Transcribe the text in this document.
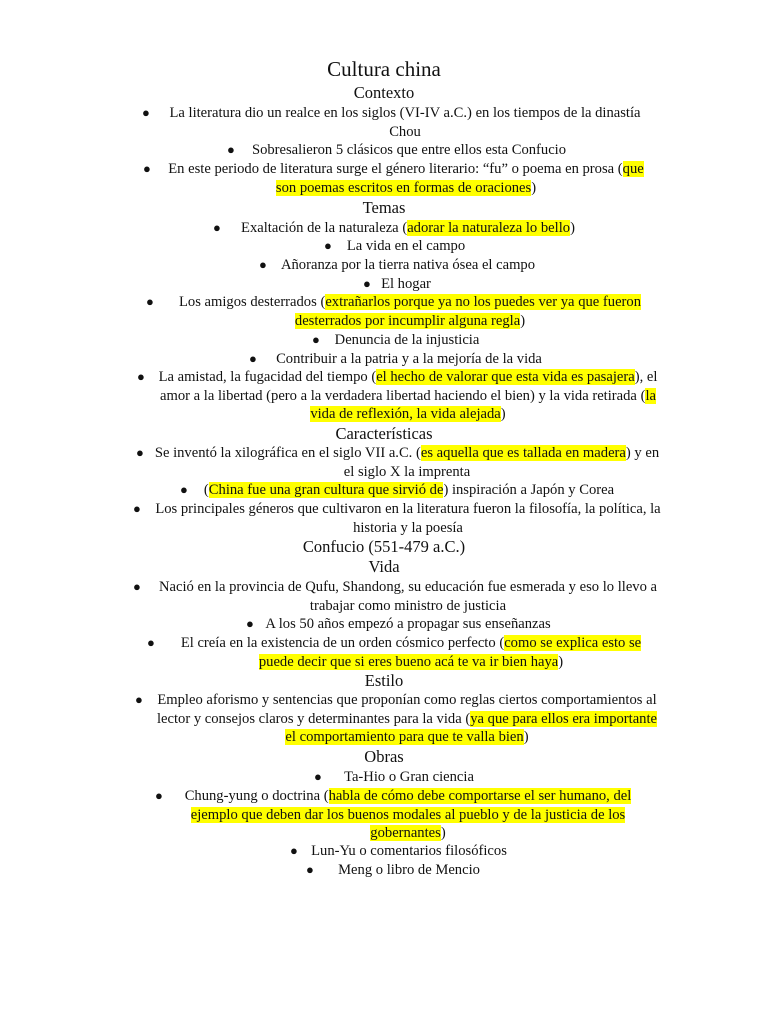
Cultura china
Contexto
●	La literatura dio un realce en los siglos (VI-IV a.C.) en los tiempos de la dinastía Chou
●	Sobresalieron 5 clásicos que entre ellos esta Confucio
●	En este periodo de literatura surge el género literario: “fu” o poema en prosa (que son poemas escritos en formas de oraciones)
Temas
●	Exaltación de la naturaleza (adorar la naturaleza lo bello)
●	La vida en el campo
● Añoranza por la tierra nativa ósea el campo
● El hogar
●	Los amigos desterrados (extrañarlos porque ya no los puedes ver ya que fueron desterrados por incumplir alguna regla)
●	Denuncia de la injusticia
●	Contribuir a la patria y a la mejoría de la vida
● La amistad, la fugacidad del tiempo (el hecho de valorar que esta vida es pasajera), el amor a la libertad (pero a la verdadera libertad haciendo el bien) y la vida retirada (la vida de reflexión, la vida alejada)
Características
● Se inventó la xilográfica en el siglo VII a.C. (es aquella que es tallada en madera) y en el siglo X la imprenta
●	(China fue una gran cultura que sirvió de) inspiración a Japón y Corea
● Los principales géneros que cultivaron en la literatura fueron la filosofía, la política, la historia y la poesía
Confucio (551-479 a.C.)
Vida
●	Nació en la provincia de Qufu, Shandong, su educación fue esmerada y eso lo llevo a trabajar como ministro de justicia
● A los 50 años empezó a propagar sus enseñanzas
●	El creía en la existencia de un orden cósmico perfecto (como se explica esto se puede decir que si eres bueno acá te va ir bien haya)
Estilo
● Empleo aforismo y sentencias que proponían como reglas ciertos comportamientos al lector y consejos claros y determinantes para la vida (ya que para ellos era importante el comportamiento para que te valla bien)
Obras
●	Ta-Hio o Gran ciencia
●	Chung-yung o doctrina (habla de cómo debe comportarse el ser humano, del ejemplo que deben dar los buenos modales al pueblo y de la justicia de los gobernantes)
● Lun-Yu o comentarios filosóficos
●	Meng o libro de Mencio
